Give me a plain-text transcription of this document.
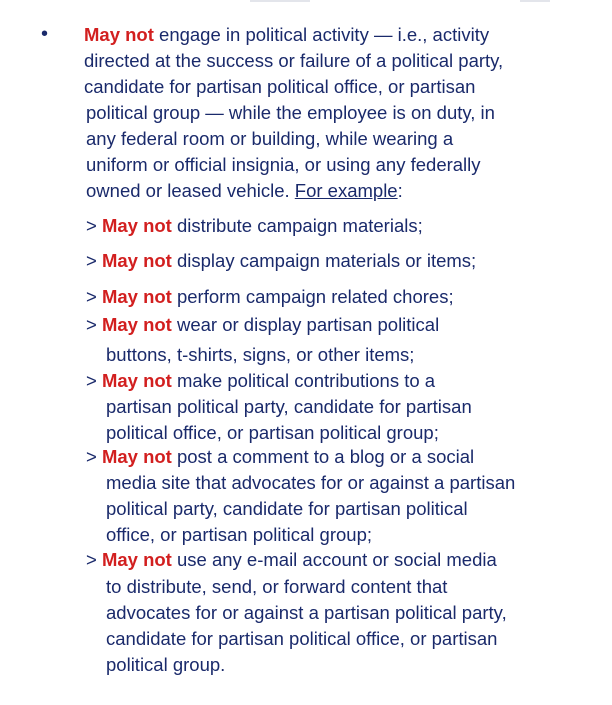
• May not engage in political activity — i.e., activity
directed at the success or failure of a political party,
candidate for partisan political office, or partisan
political group — while the employee is on duty, in
any federal room or building, while wearing a
uniform or official insignia, or using any federally
owned or leased vehicle. For example:
> May not distribute campaign materials;
> May not display campaign materials or items;
> May not perform campaign related chores;
> May not wear or display partisan political
buttons, t-shirts, signs, or other items;
> May not make political contributions to a
partisan political party, candidate for partisan
political office, or partisan political group;
> May not post a comment to a blog or a social
media site that advocates for or against a partisan
political party, candidate for partisan political
office, or partisan political group;
> May not use any e-mail account or social media
to distribute, send, or forward content that
advocates for or against a partisan political party,
candidate for partisan political office, or partisan
political group.
